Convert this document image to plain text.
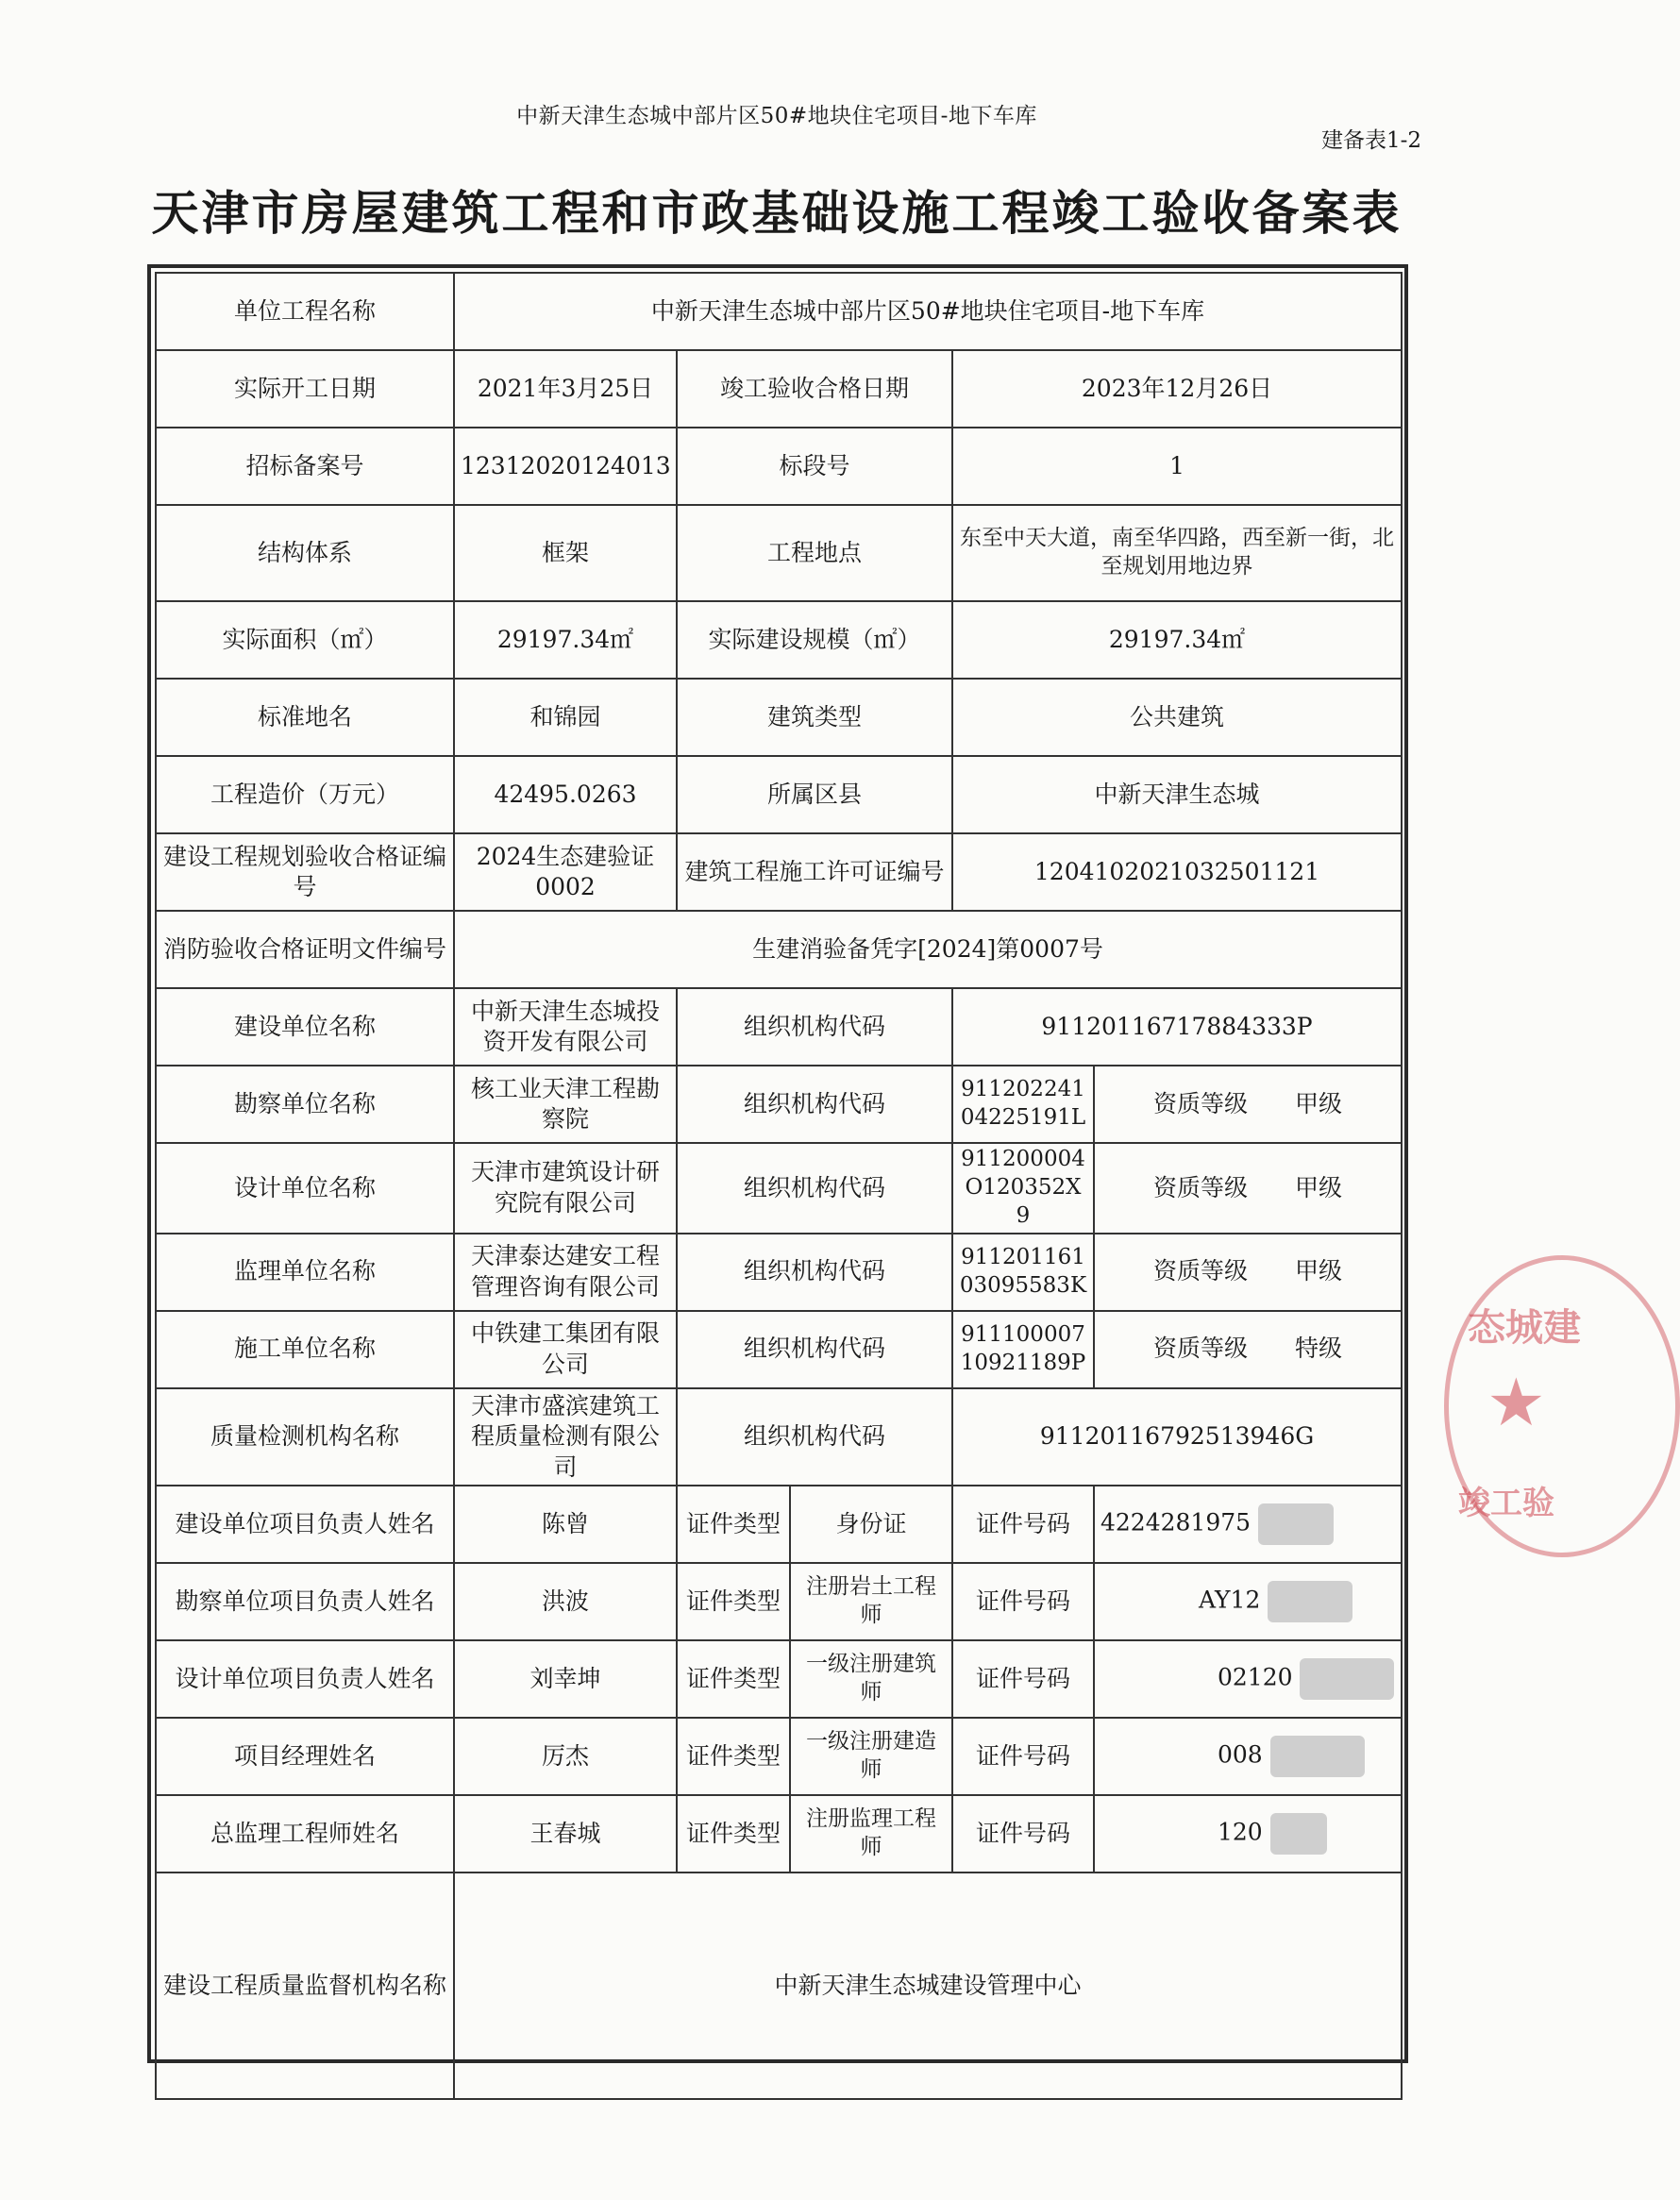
中新天津生态城中部片区50#地块住宅项目-地下车库
建备表1-2
天津市房屋建筑工程和市政基础设施工程竣工验收备案表
单位工程名称	中新天津生态城中部片区50#地块住宅项目-地下车库				
实际开工日期	2021年3月25日	竣工验收合格日期		2023年12月26日	
招标备案号	12312020124013	标段号		1	
结构体系	框架	工程地点		东至中天大道，南至华四路，西至新一街，北至规划用地边界	
实际面积（㎡）	29197.34㎡	实际建设规模（㎡）		29197.34㎡	
标准地名	和锦园	建筑类型		公共建筑	
工程造价（万元）	42495.0263	所属区县		中新天津生态城	
建设工程规划验收合格证编号	2024生态建验证0002	建筑工程施工许可证编号		1204102021032501121	
消防验收合格证明文件编号	生建消验备凭字[2024]第0007号				
建设单位名称	中新天津生态城投资开发有限公司	组织机构代码		91120116717884333P	
勘察单位名称	核工业天津工程勘察院	组织机构代码		91120224104225191L	资质等级   甲级
设计单位名称	天津市建筑设计研究院有限公司	组织机构代码		911200004O120352X9	资质等级   甲级
监理单位名称	天津泰达建安工程管理咨询有限公司	组织机构代码		91120116103095583K	资质等级   甲级
施工单位名称	中铁建工集团有限公司	组织机构代码		91110000710921189P	资质等级   特级
质量检测机构名称	天津市盛滨建筑工程质量检测有限公司	组织机构代码		91120116792513946G	
建设单位项目负责人姓名	陈曾	证件类型	身份证	证件号码	4224281975
勘察单位项目负责人姓名	洪波	证件类型	注册岩土工程师	证件号码	AY12
设计单位项目负责人姓名	刘幸坤	证件类型	一级注册建筑师	证件号码	02120
项目经理姓名	厉杰	证件类型	一级注册建造师	证件号码	008
总监理工程师姓名	王春城	证件类型	注册监理工程师	证件号码	120
建设工程质量监督机构名称	中新天津生态城建设管理中心				
态城建
★
竣工验
